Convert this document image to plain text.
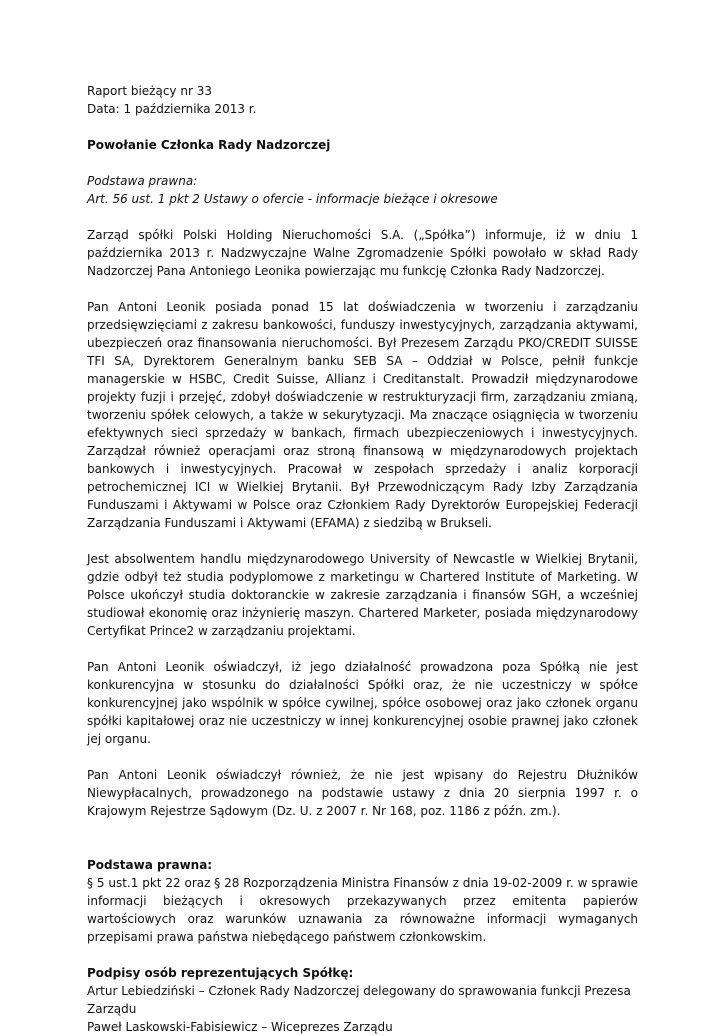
Raport bieżący nr 33

Data: 1 października 2013 r.

Powołanie Członka Rady Nadzorczej

Podstawa prawna:

Art. 56 ust. 1 pkt 2 Ustawy o ofercie - informacje bieżące i okresowe

Zarząd spółki Polski Holding Nieruchomości S.A. („Spółka”) informuje, iż w dniu 1 października 2013 r. Nadzwyczajne Walne Zgromadzenie Spółki powołało w skład Rady Nadzorczej Pana Antoniego Leonika powierzając mu funkcję Członka Rady Nadzorczej.

Pan Antoni Leonik posiada ponad 15 lat doświadczenia w tworzeniu i zarządzaniu przedsięwzięciami z zakresu bankowości, funduszy inwestycyjnych, zarządzania aktywami, ubezpieczeń oraz finansowania nieruchomości. Był Prezesem Zarządu PKO/CREDIT SUISSE TFI SA, Dyrektorem Generalnym banku SEB SA – Oddział w Polsce, pełnił funkcje managerskie w HSBC, Credit Suisse, Allianz i Creditanstalt. Prowadził międzynarodowe projekty fuzji i przejęć, zdobył doświadczenie w restrukturyzacji firm, zarządzaniu zmianą, tworzeniu spółek celowych, a także w sekurytyzacji. Ma znaczące osiągnięcia w tworzeniu efektywnych sieci sprzedaży w bankach, firmach ubezpieczeniowych i inwestycyjnych. Zarządzał również operacjami oraz stroną finansową w międzynarodowych projektach bankowych i inwestycyjnych. Pracował w zespołach sprzedaży i analiz korporacji petrochemicznej ICI w Wielkiej Brytanii. Był Przewodniczącym Rady Izby Zarządzania Funduszami i Aktywami w Polsce oraz Członkiem Rady Dyrektorów Europejskiej Federacji Zarządzania Funduszami i Aktywami (EFAMA) z siedzibą w Brukseli.

Jest absolwentem handlu międzynarodowego University of Newcastle w Wielkiej Brytanii, gdzie odbył też studia podyplomowe z marketingu w Chartered Institute of Marketing. W Polsce ukończył studia doktoranckie w zakresie zarządzania i finansów SGH, a wcześniej studiował ekonomię oraz inżynierię maszyn. Chartered Marketer, posiada międzynarodowy Certyfikat Prince2 w zarządzaniu projektami.

Pan Antoni Leonik oświadczył, iż jego działalność prowadzona poza Spółką nie jest konkurencyjna w stosunku do działalności Spółki oraz, że nie uczestniczy w spółce konkurencyjnej jako wspólnik w spółce cywilnej, spółce osobowej oraz jako członek organu spółki kapitałowej oraz nie uczestniczy w innej konkurencyjnej osobie prawnej jako członek jej organu.

Pan Antoni Leonik oświadczył również, że nie jest wpisany do Rejestru Dłużników Niewypłacalnych, prowadzonego na podstawie ustawy z dnia 20 sierpnia 1997 r. o Krajowym Rejestrze Sądowym (Dz. U. z 2007 r. Nr 168, poz. 1186 z późn. zm.).

Podstawa prawna:

§ 5 ust.1 pkt 22 oraz § 28 Rozporządzenia Ministra Finansów z dnia 19-02-2009 r. w sprawie informacji bieżących i okresowych przekazywanych przez emitenta papierów wartościowych oraz warunków uznawania za równoważne informacji wymaganych przepisami prawa państwa niebędącego państwem członkowskim.

Podpisy osób reprezentujących Spółkę:

Artur Lebiedziński – Członek Rady Nadzorczej delegowany do sprawowania funkcji Prezesa Zarządu

Paweł Laskowski-Fabisiewicz – Wiceprezes Zarządu
